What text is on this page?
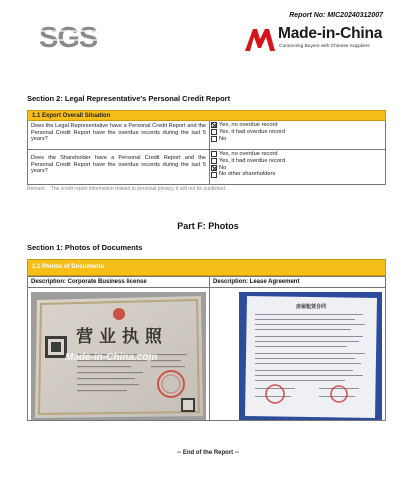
Report No: MIC20240312007
SGS	Made-in-China
Connecting Buyers with Chinese Suppliers
Section 2: Legal Representative's Personal Credit Report
1.1 Export Overall Situation
Does the Legal Representative have a Personal Credit Report and the Personal Credit Report have the overdue records during the last 5 years?
Yes, no overdue record
Yes, it had overdue record
No
Does the Shareholder have a Personal Credit Report and the Personal Credit Report have the overdue records during the last 5 years?
Yes, no overdue record
Yes, it had overdue record
No
No other shareholders
Remark： The credit report information related to personal privacy, it will not be published.
Part F: Photos
Section 1: Photos of Documents
1.1 Photos of Documents
Description: Corporate Business license	Description: Lease Agreement
营 业 执 照
Made-in-China.com
房屋租赁合同
-- End of the Report --
